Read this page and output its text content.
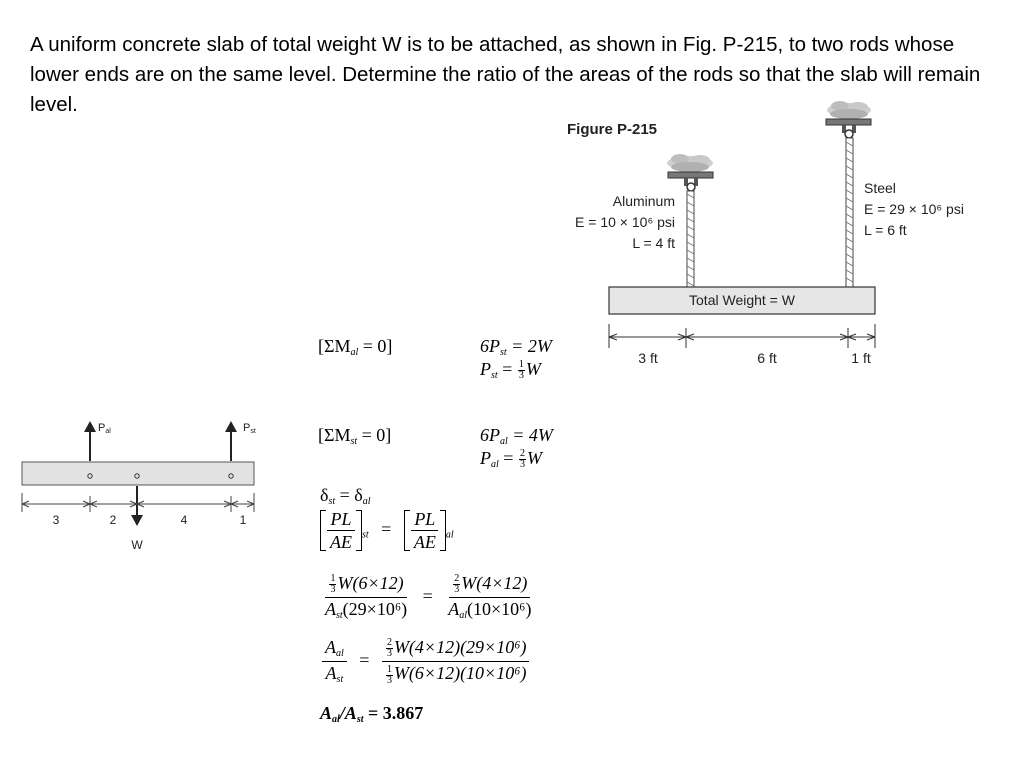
A uniform concrete slab of total weight W is to be attached, as shown in Fig. P-215, to two rods whose lower ends are on the same level. Determine the ratio of the areas of the rods so that the slab will remain level.

Figure P-215
Aluminum
E = 10 × 10⁶ psi
L = 4 ft
Steel
E = 29 × 10⁶ psi
L = 6 ft
Total Weight = W
3 ft	6 ft	1 ft
Pal	Pst
W
3	2	4	1
$[\Sigma M_{al} = 0]$	$6P_{st} = 2W$
$P_{st} = \frac{1}{3}$ W
$[\Sigma M_{st} = 0]$	$6P_{al} = 4W$
$P_{al} = \frac{2}{3}$ W
$\delta_{st} = \delta_{al}$
$\frac{PL}{AE} _{st} = \frac{PL}{AE} _{al}$
$\frac{\frac{1}{3} W(6\times 12)}{A_{st}(29\times 10^6)} = \frac{\frac{2}{3} W(4\times 12)}{A_{al}(10\times 10^6)}$
$\frac{A_{al}}{A_{st}} = \frac{\frac{2}{3} W(4\times 12)(29\times 10^6)}{\frac{1}{3} W(6\times 12)(10\times 10^6)}$
$A_{al}/A_{st} = 3.867$
